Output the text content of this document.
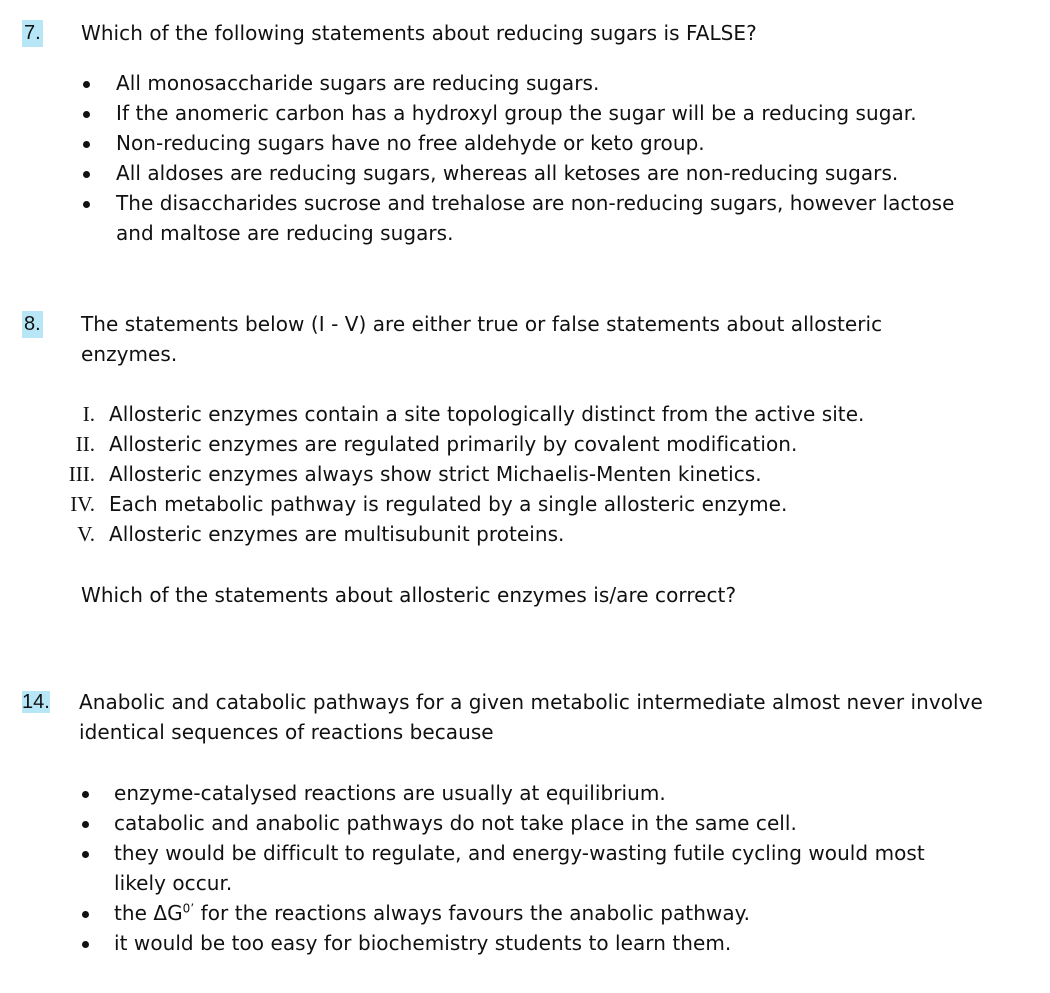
7. Which of the following statements about reducing sugars is FALSE?
All monosaccharide sugars are reducing sugars.
If the anomeric carbon has a hydroxyl group the sugar will be a reducing sugar.
Non-reducing sugars have no free aldehyde or keto group.
All aldoses are reducing sugars, whereas all ketoses are non-reducing sugars.
The disaccharides sucrose and trehalose are non-reducing sugars, however lactose
and maltose are reducing sugars.
8. The statements below (I - V) are either true or false statements about allosteric
enzymes.
I. Allosteric enzymes contain a site topologically distinct from the active site.
II. Allosteric enzymes are regulated primarily by covalent modification.
III. Allosteric enzymes always show strict Michaelis-Menten kinetics.
IV. Each metabolic pathway is regulated by a single allosteric enzyme.
V. Allosteric enzymes are multisubunit proteins.
Which of the statements about allosteric enzymes is/are correct?
14. Anabolic and catabolic pathways for a given metabolic intermediate almost never involve
identical sequences of reactions because
enzyme-catalysed reactions are usually at equilibrium.
catabolic and anabolic pathways do not take place in the same cell.
they would be difficult to regulate, and energy-wasting futile cycling would most
likely occur.
the $\Delta G^{0’}$ for the reactions always favours the anabolic pathway.
it would be too easy for biochemistry students to learn them.
